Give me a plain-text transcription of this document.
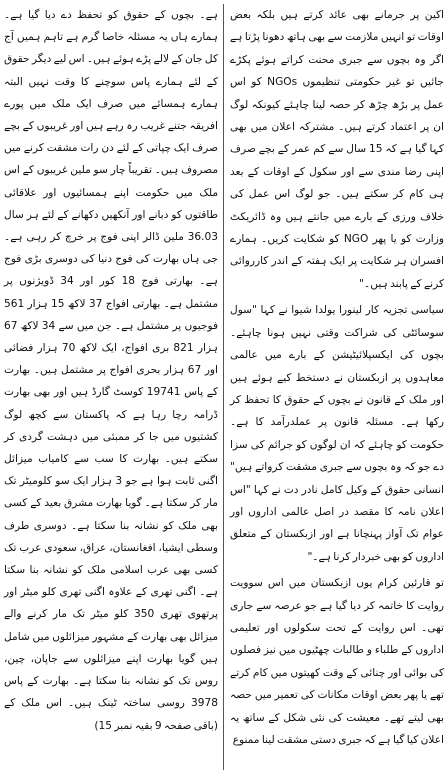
اکین پر جرمانے بھی عائد کرتے ہیں بلکہ بعض اوقات تو انہیں ملازمت سے بھی ہاتھ دھونا پڑتا ہے اگر وہ بچوں سے جبری محنت کراتے ہوئے پکڑے جائیں تو غیر حکومتی تنظیموں NGOs کو اس عمل پر بڑھ چڑھ کر حصہ لینا چاہئے کیونکہ لوگ ان پر اعتماد کرتے ہیں۔ مشترکہ اعلان میں بھی کہا گیا ہے کہ 15 سال سے کم عمر کے بچے صرف اپنی رضا مندی سے اور سکول کے اوقات کے بعد ہی کام کر سکتے ہیں۔ جو لوگ اس عمل کی خلاف ورزی کے بارے میں جانتے ہیں وہ ڈائریکٹ وزارت کو یا پھر NGO کو شکایت کریں۔ ہمارے افسران ہر شکایت پر ایک ہفتہ کے اندر کارروائی کرنے کے پابند ہیں۔"

سیاسی تجزیہ کار لینورا یولدا شیوا نے کہا "سول سوسائٹی کی شراکت وقتی نہیں ہونا چاہئے۔ بچوں کی ایکسپلائیٹیشن کے بارے میں عالمی معاہدوں پر ازبکستان نے دستخط کیے ہوئے ہیں اور ملک کے قانون نے بچوں کے حقوق کا تحفظ کر رکھا ہے۔ مسئلہ قانون پر عملدرآمد کا ہے۔ حکومت کو چاہئے کہ ان لوگوں کو جرائم کی سزا دے جو کہ وہ بچوں سے جبری مشقت کرواتے ہیں" انسانی حقوق کے وکیل کامل نادر دت نے کہا "اس اعلان نامہ کا مقصد در اصل عالمی اداروں اور عوام تک آواز پہنچانا ہے اور ازبکستان کے متعلق اداروں کو بھی خبردار کرنا ہے۔"

تو قارئین کرام یوں ازبکستان میں اس سوویت روایت کا خاتمہ کر دیا گیا ہے جو عرصہ سے جاری تھی۔ اس روایت کے تحت سکولوں اور تعلیمی اداروں کے طلباء و طالبات چھٹیوں میں نیز فصلوں کی بوائی اور چنائی کے وقت کھیتوں میں کام کرتے تھے یا پھر بعض اوقات مکانات کی تعمیر میں حصہ بھی لیتے تھے۔ معیشت کی نئی شکل کے ساتھ یہ اعلان کیا گیا ہے کہ جبری دستی مشقت لینا ممنوع

ہے۔ بچوں کے حقوق کو تحفظ دے دیا گیا ہے۔ ہمارے ہاں یہ مسئلہ خاصا گرم ہے تاہم ہمیں آج کل جان کے لالے پڑے ہوئے ہیں۔ اس لیے دیگر حقوق کے لئے ہمارے پاس سوچنے کا وقت نہیں البتہ ہمارے ہمسائے میں صرف ایک ملک میں پورے افریقہ جتنے غریب رہ رہے ہیں اور غریبوں کے بچے صرف ایک چپاتی کے لئے دن رات مشقت کرنے میں مصروف ہیں۔ تقریباً چار سو ملین غریبوں کے اس ملک میں حکومت اپنے ہمسائیوں اور علاقائی طاقتوں کو دبانے اور آنکھیں دکھانے کے لئے ہر سال 36.03 ملین ڈالر اپنی فوج پر خرچ کر رہی ہے۔ جی ہاں بھارت کی فوج دنیا کی دوسری بڑی فوج ہے۔ بھارتی فوج 18 کور اور 34 ڈویژنوں پر مشتمل ہے۔ بھارتی افواج 37 لاکھ 15 ہزار 561 فوجیوں پر مشتمل ہے۔ جن میں سے 34 لاکھ 67 ہزار 821 بری افواج، ایک لاکھ 70 ہزار فضائی اور 67 ہزار بحری افواج پر مشتمل ہیں۔ بھارت کے پاس 19741 کوسٹ گارڈ ہیں اور بھی بھارت ڈرامہ رچا رہا ہے کہ پاکستان سے کچھ لوگ کشتیوں میں جا کر ممبئی میں دہشت گردی کر سکتے ہیں۔ بھارت کا سب سے کامیاب میزائل اگنی ثابت ہوا ہے جو 3 ہزار ایک سو کلومیٹر تک مار کر سکتا ہے۔ گویا بھارت مشرق بعید کے کسی بھی ملک کو نشانہ بنا سکتا ہے۔ دوسری طرف وسطی ایشیا، افغانستان، عراق، سعودی عرب تک کسی بھی عرب اسلامی ملک کو نشانہ بنا سکتا ہے۔ اگنی تھری کے علاوہ اگنی تھری کلو میٹر اور پرتھوی تھری 350 کلو میٹر تک مار کرنے والے میزائل بھی بھارت کے مشہور میزائلوں میں شامل ہیں گویا بھارت اپنے میزائلوں سے جاپان، چین، روس تک کو نشانہ بنا سکتا ہے۔ بھارت کے پاس 3978 روسی ساختہ ٹینک ہیں۔ اس ملک کے (باقی صفحہ 9 بقیہ نمبر 15)
